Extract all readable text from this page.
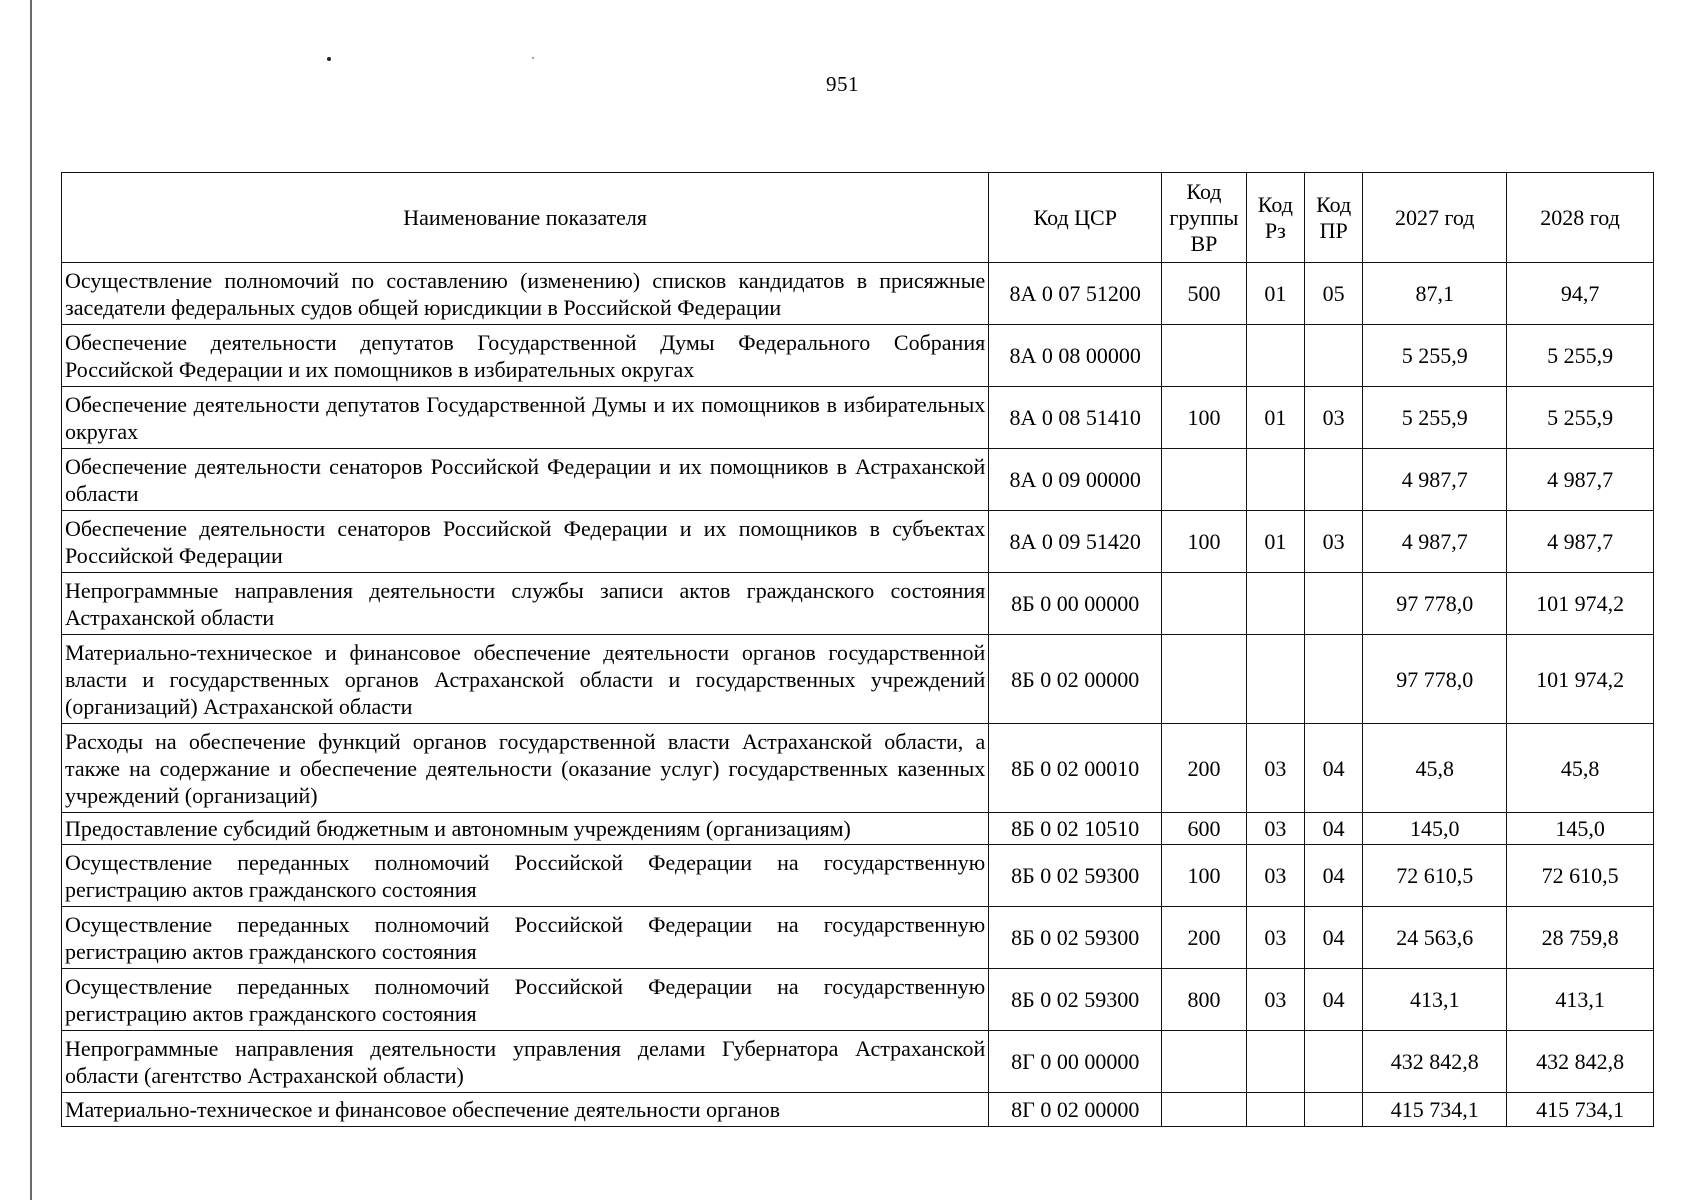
951
Наименование показателя	Код ЦСР	Код группы ВР	Код Рз	Код ПР	2027 год	2028 год
Осуществление полномочий по составлению (изменению) списков кандидатов в присяжные заседатели федеральных судов общей юрисдикции в Российской Федерации	8А 0 07 51200	500	01	05	87,1	94,7
Обеспечение деятельности депутатов Государственной Думы Федерального Собрания Российской Федерации и их помощников в избирательных округах	8А 0 08 00000				5 255,9	5 255,9
Обеспечение деятельности депутатов Государственной Думы и их помощников в избирательных округах	8А 0 08 51410	100	01	03	5 255,9	5 255,9
Обеспечение деятельности сенаторов Российской Федерации и их помощников в Астраханской области	8А 0 09 00000				4 987,7	4 987,7
Обеспечение деятельности сенаторов Российской Федерации и их помощников в субъектах Российской Федерации	8А 0 09 51420	100	01	03	4 987,7	4 987,7
Непрограммные направления деятельности службы записи актов гражданского состояния Астраханской области	8Б 0 00 00000				97 778,0	101 974,2
Материально-техническое и финансовое обеспечение деятельности органов государственной власти и государственных органов Астраханской области и государственных учреждений (организаций) Астраханской области	8Б 0 02 00000				97 778,0	101 974,2
Расходы на обеспечение функций органов государственной власти Астраханской области, а также на содержание и обеспечение деятельности (оказание услуг) государственных казенных учреждений (организаций)	8Б 0 02 00010	200	03	04	45,8	45,8
Предоставление субсидий бюджетным и автономным учреждениям (организациям)	8Б 0 02 10510	600	03	04	145,0	145,0
Осуществление переданных полномочий Российской Федерации на государственную регистрацию актов гражданского состояния	8Б 0 02 59300	100	03	04	72 610,5	72 610,5
Осуществление переданных полномочий Российской Федерации на государственную регистрацию актов гражданского состояния	8Б 0 02 59300	200	03	04	24 563,6	28 759,8
Осуществление переданных полномочий Российской Федерации на государственную регистрацию актов гражданского состояния	8Б 0 02 59300	800	03	04	413,1	413,1
Непрограммные направления деятельности управления делами Губернатора Астраханской области (агентство Астраханской области)	8Г 0 00 00000				432 842,8	432 842,8
Материально-техническое и финансовое обеспечение деятельности органов	8Г 0 02 00000				415 734,1	415 734,1
